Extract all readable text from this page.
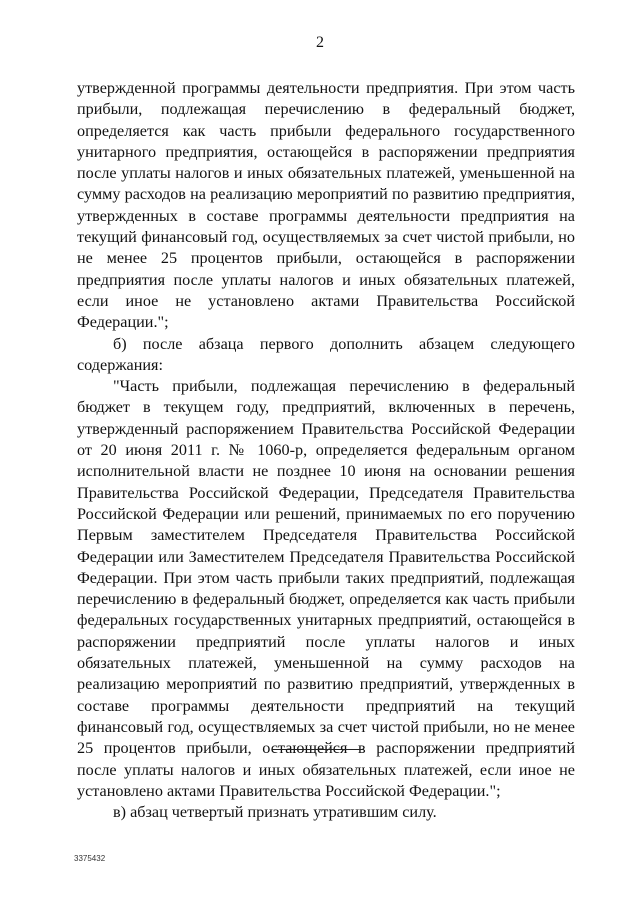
2

утвержденной программы деятельности предприятия. При этом часть прибыли, подлежащая перечислению в федеральный бюджет, определяется как часть прибыли федерального государственного унитарного предприятия, остающейся в распоряжении предприятия после уплаты налогов и иных обязательных платежей, уменьшенной на сумму расходов на реализацию мероприятий по развитию предприятия, утвержденных в составе программы деятельности предприятия на текущий финансовый год, осуществляемых за счет чистой прибыли, но не менее 25 процентов прибыли, остающейся в распоряжении предприятия после уплаты налогов и иных обязательных платежей, если иное не установлено актами Правительства Российской Федерации.";

б) после абзаца первого дополнить абзацем следующего содержания:

"Часть прибыли, подлежащая перечислению в федеральный бюджет в текущем году, предприятий, включенных в перечень, утвержденный распоряжением Правительства Российской Федерации от 20 июня 2011 г. № 1060-р, определяется федеральным органом исполнительной власти не позднее 10 июня на основании решения Правительства Российской Федерации, Председателя Правительства Российской Федерации или решений, принимаемых по его поручению Первым заместителем Председателя Правительства Российской Федерации или Заместителем Председателя Правительства Российской Федерации. При этом часть прибыли таких предприятий, подлежащая перечислению в федеральный бюджет, определяется как часть прибыли федеральных государственных унитарных предприятий, остающейся в распоряжении предприятий после уплаты налогов и иных обязательных платежей, уменьшенной на сумму расходов на реализацию мероприятий по развитию предприятий, утвержденных в составе программы деятельности предприятий на текущий финансовый год, осуществляемых за счет чистой прибыли, но не менее 25 процентов прибыли, остающейся в распоряжении предприятий после уплаты налогов и иных обязательных платежей, если иное не установлено актами Правительства Российской Федерации.";

в) абзац четвертый признать утратившим силу.

3375432
